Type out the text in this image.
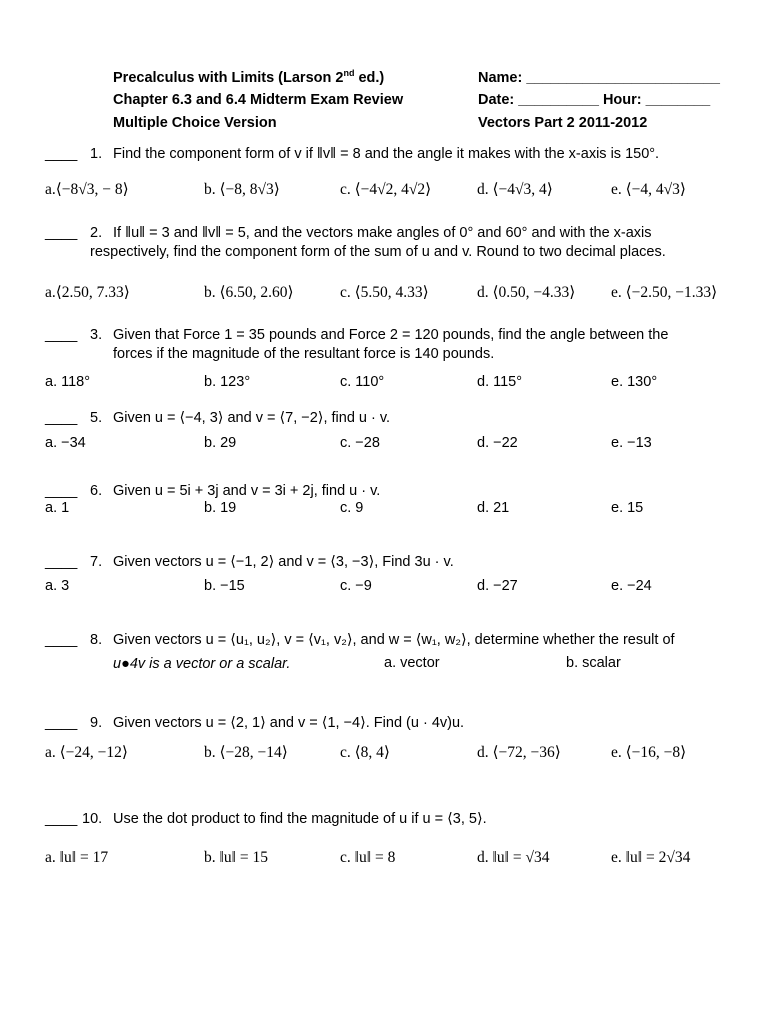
Precalculus with Limits (Larson 2nd ed.)	Name: ________________________
Chapter 6.3 and 6.4 Midterm Exam Review	Date: __________ Hour: ________
Multiple Choice Version	Vectors Part 2 2011-2012
____ 1. Find the component form of v if ‖v‖ = 8 and the angle it makes with the x-axis is 150°.
a.⟨−8√3, − 8⟩	b. ⟨−8, 8√3⟩	c. ⟨−4√2, 4√2⟩	d. ⟨−4√3, 4⟩	e. ⟨−4, 4√3⟩
____ 2. If ‖u‖ = 3 and ‖v‖ = 5, and the vectors make angles of 0° and 60° and with the x-axis
respectively, find the component form of the sum of u and v. Round to two decimal places.
a.⟨2.50, 7.33⟩	b. ⟨6.50, 2.60⟩	c. ⟨5.50, 4.33⟩	d. ⟨0.50, −4.33⟩ e. ⟨−2.50, −1.33⟩
____ 3. Given that Force 1 = 35 pounds and Force 2 = 120 pounds, find the angle between the
forces if the magnitude of the resultant force is 140 pounds.
a. 118°	b. 123°	c. 110°	d. 115°	e. 130°
____ 5. Given u = ⟨−4, 3⟩ and v = ⟨7, −2⟩, find u · v.
a. −34	b. 29	c. −28	d. −22	e. −13
____ 6. Given u = 5i + 3j and v = 3i + 2j, find u · v.
a. 1	b. 19	c. 9	d. 21	e. 15
____ 7. Given vectors u = ⟨−1, 2⟩ and v = ⟨3, −3⟩, Find 3u · v.
a. 3	b. −15	c. −9	d. −27	e. −24
____ 8. Given vectors u = ⟨u₁, u₂⟩, v = ⟨v₁, v₂⟩, and w = ⟨w₁, w₂⟩, determine whether the result of
u●4v is a vector or a scalar.	a. vector	b. scalar
____ 9. Given vectors u = ⟨2, 1⟩ and v = ⟨1, −4⟩. Find (u · 4v)u.
a. ⟨−24, −12⟩	b. ⟨−28, −14⟩	c. ⟨8, 4⟩	d. ⟨−72, −36⟩	e. ⟨−16, −8⟩
____ 10. Use the dot product to find the magnitude of u if u = ⟨3, 5⟩.
a. ‖u‖ = 17	b. ‖u‖ = 15	c. ‖u‖ = 8	d. ‖u‖ = √34	e. ‖u‖ = 2√34
